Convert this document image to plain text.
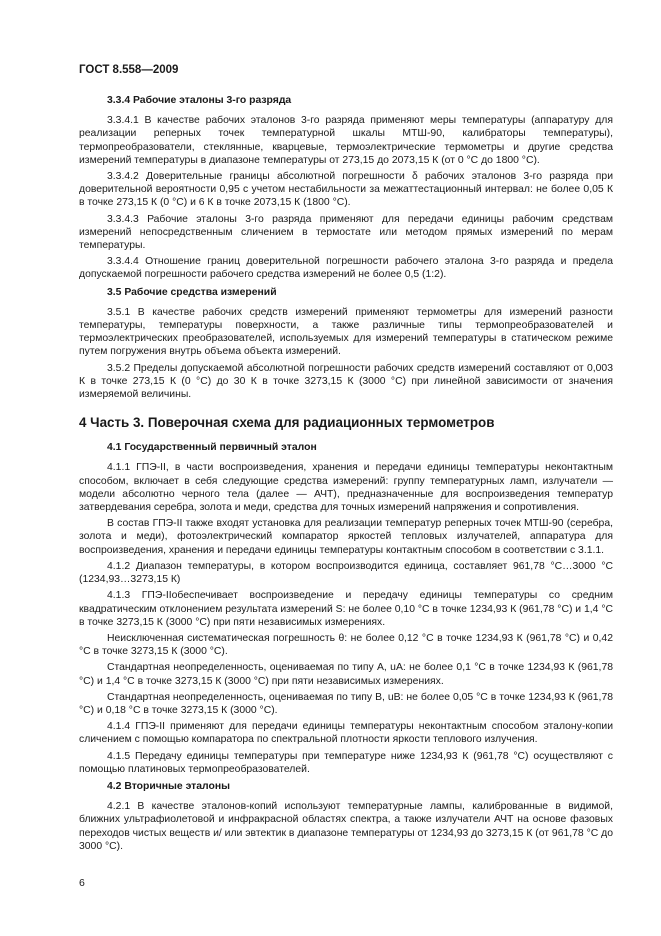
ГОСТ 8.558—2009
3.3.4 Рабочие эталоны 3-го разряда
3.3.4.1 В качестве рабочих эталонов 3-го разряда применяют меры температуры (аппаратуру для реализации реперных точек температурной шкалы МТШ-90, калибраторы температуры), термопреобразователи, стеклянные, кварцевые, термоэлектрические термометры и другие средства измерений температуры в диапазоне температуры от 273,15 до 2073,15 К (от 0 °С до 1800 °С).
3.3.4.2 Доверительные границы абсолютной погрешности δ рабочих эталонов 3-го разряда при доверительной вероятности 0,95 с учетом нестабильности за межаттестационный интервал: не более 0,05 К в точке 273,15 К (0 °С) и 6 К в точке 2073,15 К (1800 °С).
3.3.4.3 Рабочие эталоны 3-го разряда применяют для передачи единицы рабочим средствам измерений непосредственным сличением в термостате или методом прямых измерений по мерам температуры.
3.3.4.4 Отношение границ доверительной погрешности рабочего эталона 3-го разряда и предела допускаемой погрешности рабочего средства измерений не более 0,5 (1:2).
3.5 Рабочие средства измерений
3.5.1 В качестве рабочих средств измерений применяют термометры для измерений разности температуры, температуры поверхности, а также различные типы термопреобразователей и термоэлектрических преобразователей, используемых для измерений температуры в статическом режиме путем погружения внутрь объема объекта измерений.
3.5.2 Пределы допускаемой абсолютной погрешности рабочих средств измерений составляют от 0,003 К в точке 273,15 К (0 °С) до 30 К в точке 3273,15 К (3000 °С) при линейной зависимости от значения измеряемой величины.
4 Часть 3. Поверочная схема для радиационных термометров
4.1 Государственный первичный эталон
4.1.1 ГПЭ-II, в части воспроизведения, хранения и передачи единицы температуры неконтактным способом, включает в себя следующие средства измерений: группу температурных ламп, излучатели — модели абсолютно черного тела (далее — АЧТ), предназначенные для воспроизведения температур затвердевания серебра, золота и меди, средства для точных измерений напряжения и сопротивления.
В состав ГПЭ-II также входят установка для реализации температур реперных точек МТШ-90 (серебра, золота и меди), фотоэлектрический компаратор яркостей тепловых излучателей, аппаратура для воспроизведения, хранения и передачи единицы температуры контактным способом в соответствии с 3.1.1.
4.1.2 Диапазон температуры, в котором воспроизводится единица, составляет 961,78 °С…3000 °С (1234,93…3273,15 К)
4.1.3 ГПЭ-IIобеспечивает воспроизведение и передачу единицы температуры со средним квадратическим отклонением результата измерений S: не более 0,10 °С в точке 1234,93 К (961,78 °С) и 1,4 °С в точке 3273,15 К (3000 °С) при пяти независимых измерениях.
Неисключенная систематическая погрешность θ: не более 0,12 °С в точке 1234,93 К (961,78 °С) и 0,42 °С в точке 3273,15 К (3000 °С).
Стандартная неопределенность, оцениваемая по типу А, uA: не более 0,1 °С в точке 1234,93 К (961,78 °С) и 1,4 °С в точке 3273,15 К (3000 °С) при пяти независимых измерениях.
Стандартная неопределенность, оцениваемая по типу В, uB: не более 0,05 °С в точке 1234,93 К (961,78 °С) и 0,18 °С в точке 3273,15 К (3000 °С).
4.1.4 ГПЭ-II применяют для передачи единицы температуры неконтактным способом эталону-копии сличением с помощью компаратора по спектральной плотности яркости теплового излучения.
4.1.5 Передачу единицы температуры при температуре ниже 1234,93 К (961,78 °С) осуществляют с помощью платиновых термопреобразователей.
4.2 Вторичные эталоны
4.2.1 В качестве эталонов-копий используют температурные лампы, калиброванные в видимой, ближних ультрафиолетовой и инфракрасной областях спектра, а также излучатели АЧТ на основе фазовых переходов чистых веществ и/ или эвтектик в диапазоне температуры от 1234,93 до 3273,15 К (от 961,78 °С до 3000 °С).
6
